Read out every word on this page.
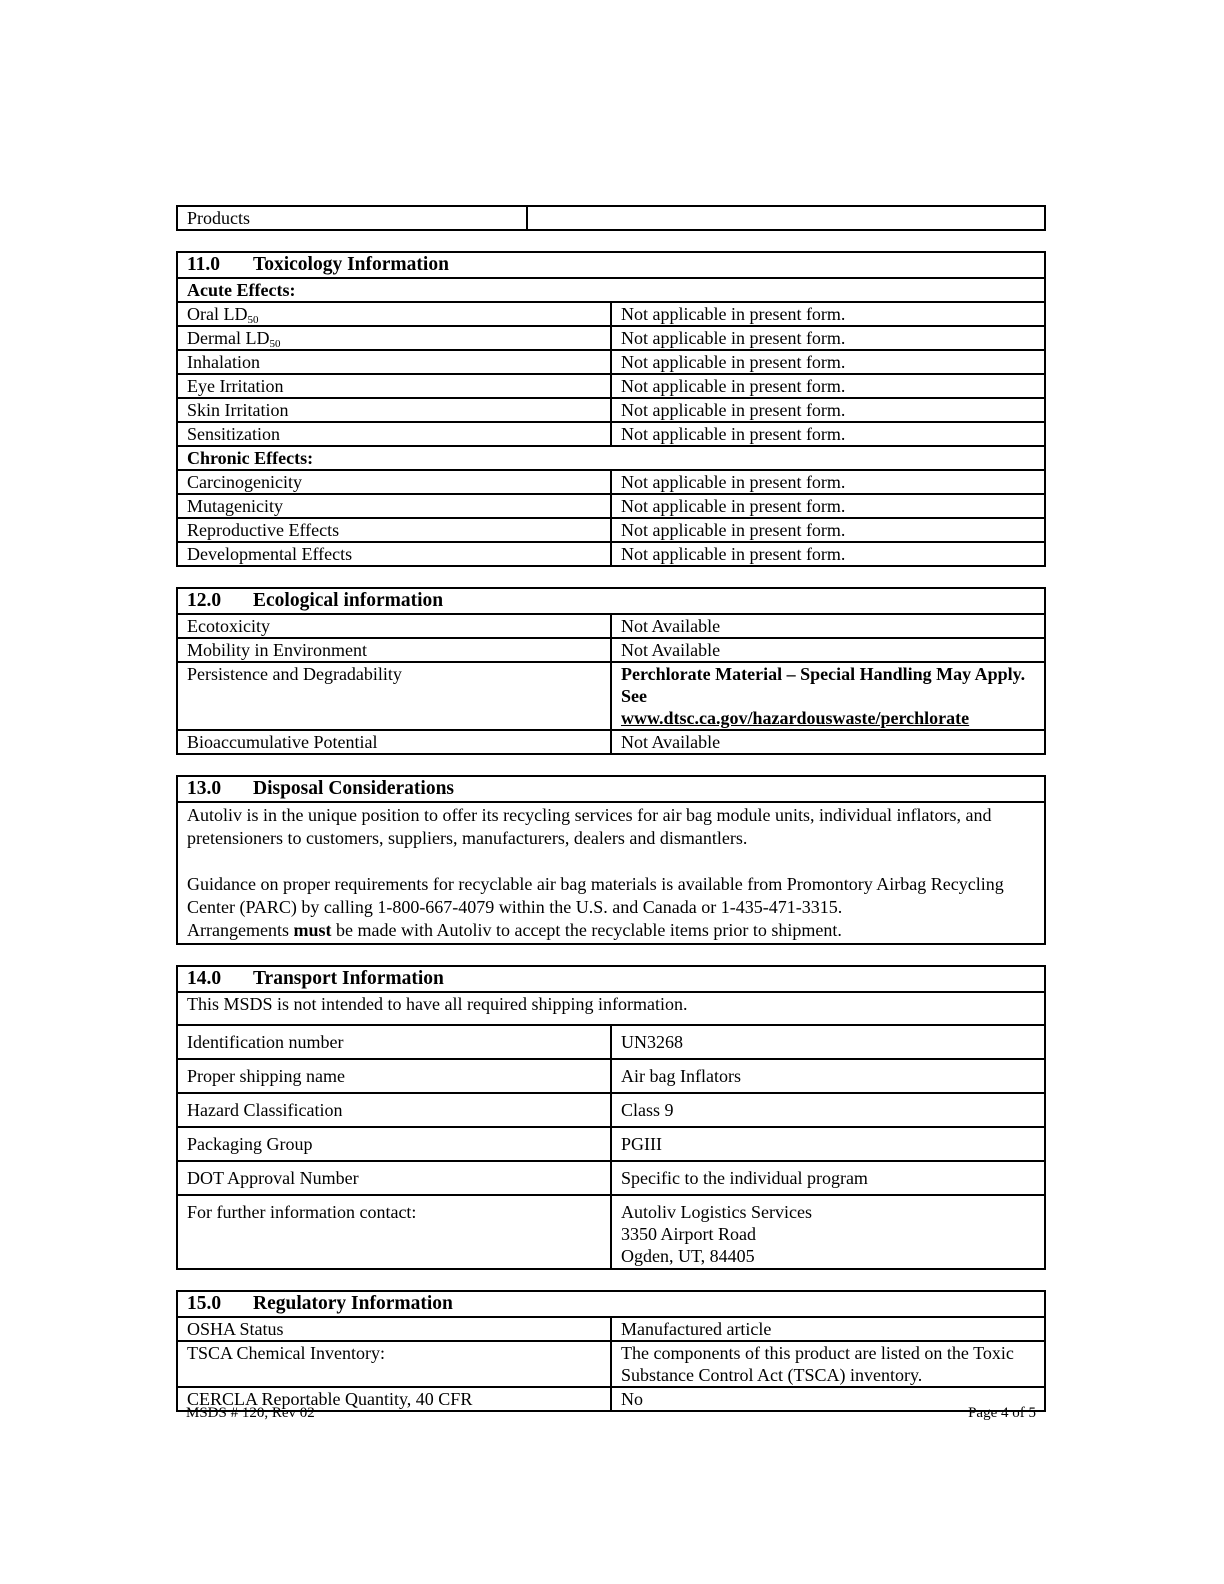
Products	
11.0 Toxicology Information	
Acute Effects:	
Oral $LD_{50}$	Not applicable in present form.
Dermal $LD_{50}$	Not applicable in present form.
Inhalation	Not applicable in present form.
Eye Irritation	Not applicable in present form.
Skin Irritation	Not applicable in present form.
Sensitization	Not applicable in present form.
Chronic Effects:	
Carcinogenicity	Not applicable in present form.
Mutagenicity	Not applicable in present form.
Reproductive Effects	Not applicable in present form.
Developmental Effects	Not applicable in present form.
12.0 Ecological information	
Ecotoxicity	Not Available
Mobility in Environment	Not Available
Persistence and Degradability	Perchlorate Material – Special Handling May Apply. See
www.dtsc.ca.gov/hazardouswaste/perchlorate
Bioaccumulative Potential	Not Available
13.0 Disposal Considerations

Autoliv is in the unique position to offer its recycling services for air bag module units, individual inflators, and pretensioners to customers, suppliers, manufacturers, dealers and dismantlers.
Guidance on proper requirements for recyclable air bag materials is available from Promontory Airbag Recycling Center (PARC) by calling 1-800-667-4079 within the U.S. and Canada or 1-435-471-3315.
Arrangements must be made with Autoliv to accept the recyclable items prior to shipment.
14.0 Transport Information	
This MSDS is not intended to have all required shipping information.	
Identification number	UN3268
Proper shipping name	Air bag Inflators
Hazard Classification	Class 9
Packaging Group	PGIII
DOT Approval Number	Specific to the individual program
For further information contact:	Autoliv Logistics Services
3350 Airport Road
Ogden, UT, 84405
15.0 Regulatory Information	
OSHA Status	Manufactured article
TSCA Chemical Inventory:	The components of this product are listed on the Toxic Substance Control Act (TSCA) inventory.
CERCLA Reportable Quantity, 40 CFR	No
MSDS # 120, Rev 02	Page 4 of 5
